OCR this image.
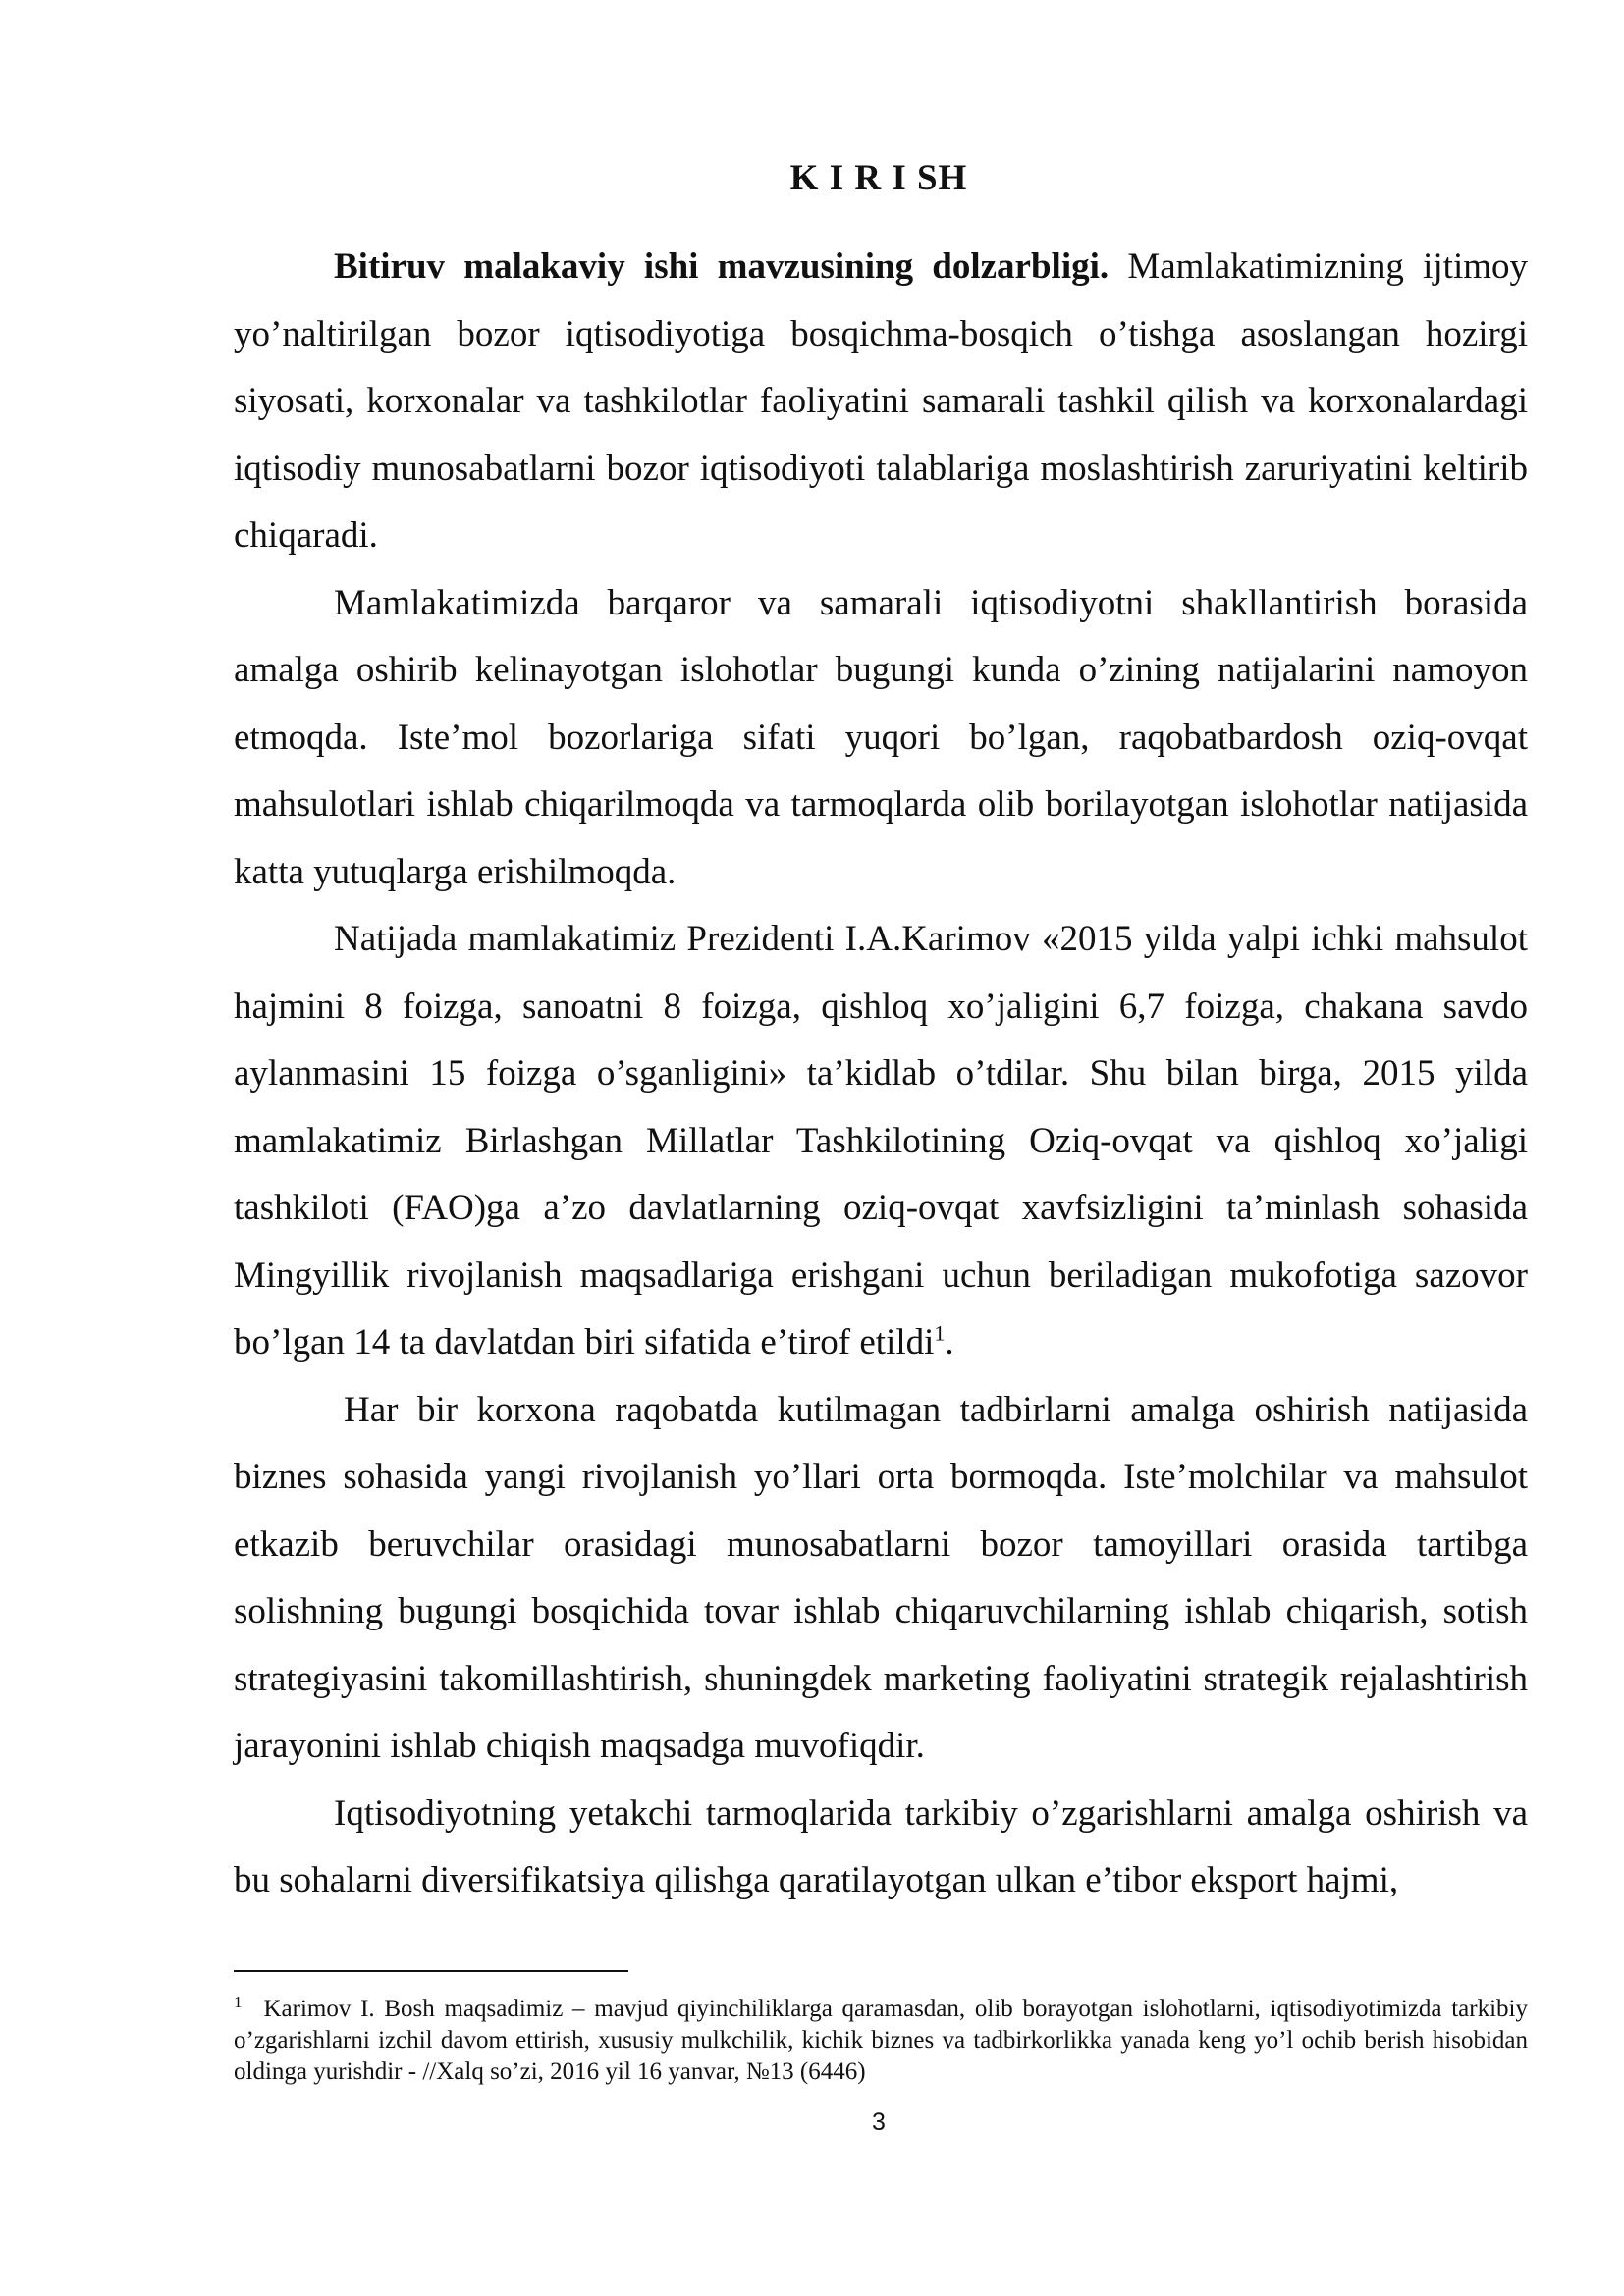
K I R I SH

Bitiruv malakaviy ishi mavzusining dolzarbligi. Mamlakatimizning ijtimoy yo’naltirilgan bozor iqtisodiyotiga bosqichma-bosqich o’tishga asoslangan hozirgi siyosati, korxonalar va tashkilotlar faoliyatini samarali tashkil qilish va korxonalardagi iqtisodiy munosabatlarni bozor iqtisodiyoti talablariga moslashtirish zaruriyatini keltirib chiqaradi.

Mamlakatimizda barqaror va samarali iqtisodiyotni shakllantirish borasida amalga oshirib kelinayotgan islohotlar bugungi kunda o’zining natijalarini namoyon etmoqda. Iste’mol bozorlariga sifati yuqori bo’lgan, raqobatbardosh oziq-ovqat mahsulotlari ishlab chiqarilmoqda va tarmoqlarda olib borilayotgan islohotlar natijasida katta yutuqlarga erishilmoqda.

Natijada mamlakatimiz Prezidenti I.A.Karimov «2015 yilda yalpi ichki mahsulot hajmini 8 foizga, sanoatni 8 foizga, qishloq xo’jaligini 6,7 foizga, chakana savdo aylanmasini 15 foizga o’sganligini» ta’kidlab o’tdilar. Shu bilan birga, 2015 yilda mamlakatimiz Birlashgan Millatlar Tashkilotining Oziq-ovqat va qishloq xo’jaligi tashkiloti (FAO)ga a’zo davlatlarning oziq-ovqat xavfsizligini ta’minlash sohasida Mingyillik rivojlanish maqsadlariga erishgani uchun beriladigan mukofotiga sazovor bo’lgan 14 ta davlatdan biri sifatida e’tirof etildi$^1$.

Har bir korxona raqobatda kutilmagan tadbirlarni amalga oshirish natijasida biznes sohasida yangi rivojlanish yo’llari orta bormoqda. Iste’molchilar va mahsulot etkazib beruvchilar orasidagi munosabatlarni bozor tamoyillari orasida tartibga solishning bugungi bosqichida tovar ishlab chiqaruvchilarning ishlab chiqarish, sotish strategiyasini takomillashtirish, shuningdek marketing faoliyatini strategik rejalashtirish jarayonini ishlab chiqish maqsadga muvofiqdir.

Iqtisodiyotning yetakchi tarmoqlarida tarkibiy o’zgarishlarni amalga oshirish va bu sohalarni diversifikatsiya qilishga qaratilayotgan ulkan e’tibor eksport hajmi,

$^1$ Karimov I. Bosh maqsadimiz – mavjud qiyinchiliklarga qaramasdan, olib borayotgan islohotlarni, iqtisodiyotimizda tarkibiy o’zgarishlarni izchil davom ettirish, xususiy mulkchilik, kichik biznes va tadbirkorlikka yanada keng yo’l ochib berish hisobidan oldinga yurishdir - //Xalq so’zi, 2016 yil 16 yanvar, №13 (6446)

3
